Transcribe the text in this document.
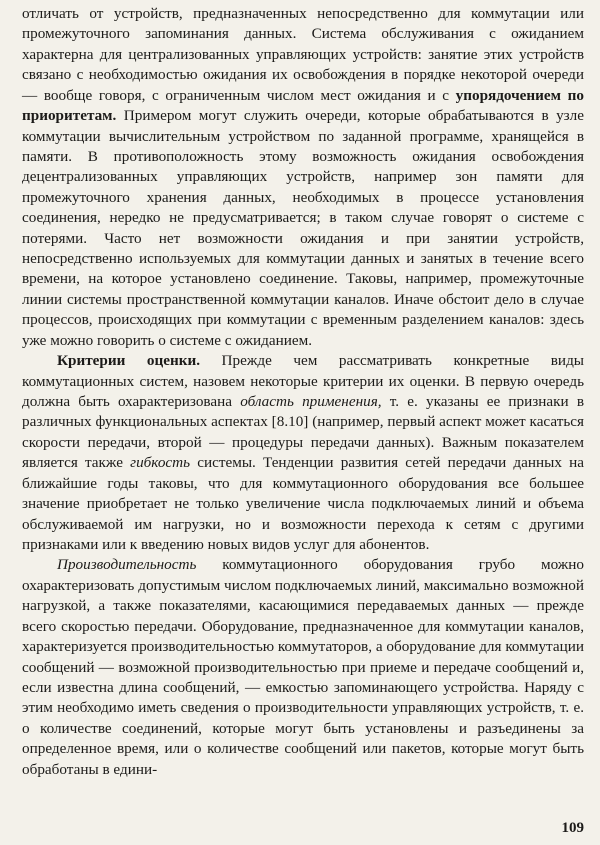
отличать от устройств, предназначенных непосредственно для коммутации или промежуточного запоминания данных. Система обслуживания с ожиданием характерна для централизованных управляющих устройств: занятие этих устройств связано с необходимостью ожидания их освобождения в порядке некоторой очереди — вообще говоря, с ограниченным числом мест ожидания и с упорядочением по приоритетам. Примером могут служить очереди, которые обрабатываются в узле коммутации вычислительным устройством по заданной программе, хранящейся в памяти. В противоположность этому возможность ожидания освобождения децентрализованных управляющих устройств, например зон памяти для промежуточного хранения данных, необходимых в процессе установления соединения, нередко не предусматривается; в таком случае говорят о системе с потерями. Часто нет возможности ожидания и при занятии устройств, непосредственно используемых для коммутации данных и занятых в течение всего времени, на которое установлено соединение. Таковы, например, промежуточные линии системы пространственной коммутации каналов. Иначе обстоит дело в случае процессов, происходящих при коммутации с временным разделением каналов: здесь уже можно говорить о системе с ожиданием.

Критерии оценки. Прежде чем рассматривать конкретные виды коммутационных систем, назовем некоторые критерии их оценки. В первую очередь должна быть охарактеризована область применения, т. е. указаны ее признаки в различных функциональных аспектах [8.10] (например, первый аспект может касаться скорости передачи, второй — процедуры передачи данных). Важным показателем является также гибкость системы. Тенденции развития сетей передачи данных на ближайшие годы таковы, что для коммутационного оборудования все большее значение приобретает не только увеличение числа подключаемых линий и объема обслуживаемой им нагрузки, но и возможности перехода к сетям с другими признаками или к введению новых видов услуг для абонентов.

Производительность коммутационного оборудования грубо можно охарактеризовать допустимым числом подключаемых линий, максимально возможной нагрузкой, а также показателями, касающимися передаваемых данных — прежде всего скоростью передачи. Оборудование, предназначенное для коммутации каналов, характеризуется производительностью коммутаторов, а оборудование для коммутации сообщений — возможной производительностью при приеме и передаче сообщений и, если известна длина сообщений, — емкостью запоминающего устройства. Наряду с этим необходимо иметь сведения о производительности управляющих устройств, т. е. о количестве соединений, которые могут быть установлены и разъединены за определенное время, или о количестве сообщений или пакетов, которые могут быть обработаны в едини-

109
